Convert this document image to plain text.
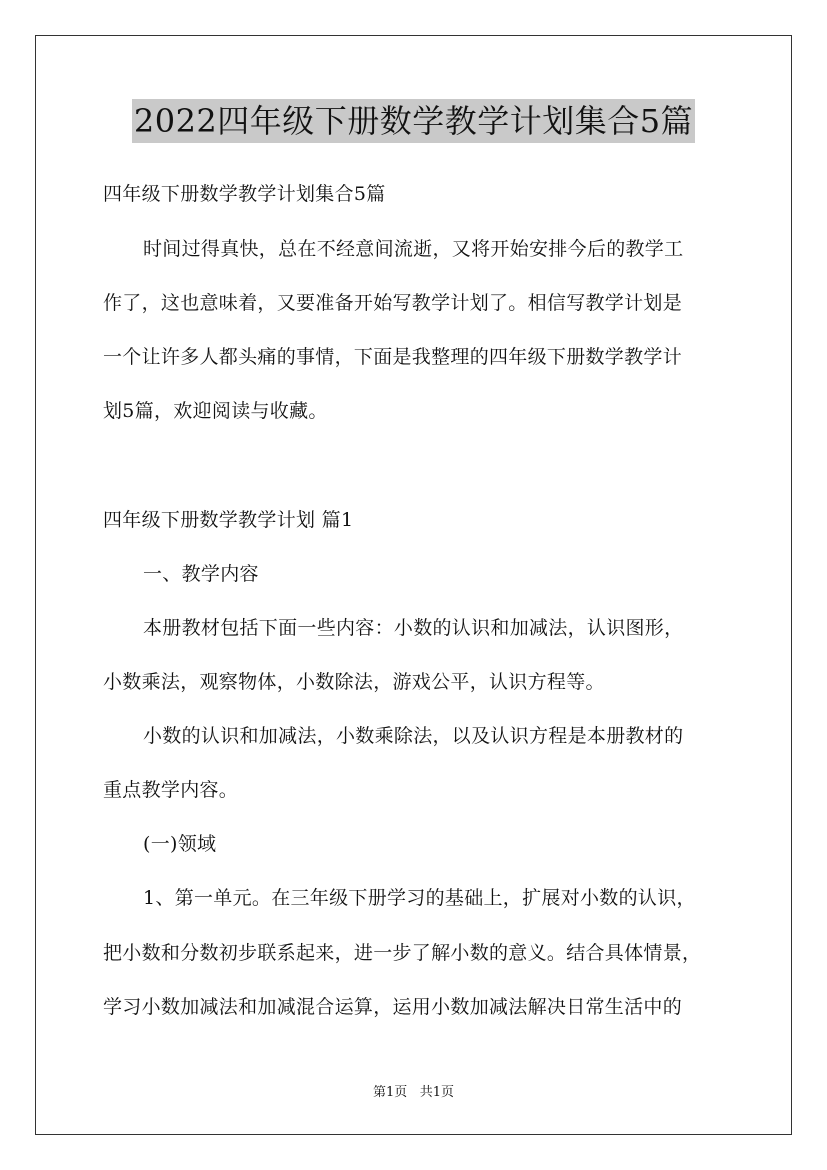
2022四年级下册数学教学计划集合5篇
四年级下册数学教学计划集合5篇
时间过得真快，总在不经意间流逝，又将开始安排今后的教学工
作了，这也意味着，又要准备开始写教学计划了。相信写教学计划是
一个让许多人都头痛的事情，下面是我整理的四年级下册数学教学计
划5篇，欢迎阅读与收藏。
四年级下册数学教学计划 篇1
一、教学内容
本册教材包括下面一些内容：小数的认识和加减法，认识图形，
小数乘法，观察物体，小数除法，游戏公平，认识方程等。
小数的认识和加减法，小数乘除法，以及认识方程是本册教材的
重点教学内容。
(一)领域
1、第一单元。在三年级下册学习的基础上，扩展对小数的认识，
把小数和分数初步联系起来，进一步了解小数的意义。结合具体情景，
学习小数加减法和加减混合运算，运用小数加减法解决日常生活中的
第1页 共1页
